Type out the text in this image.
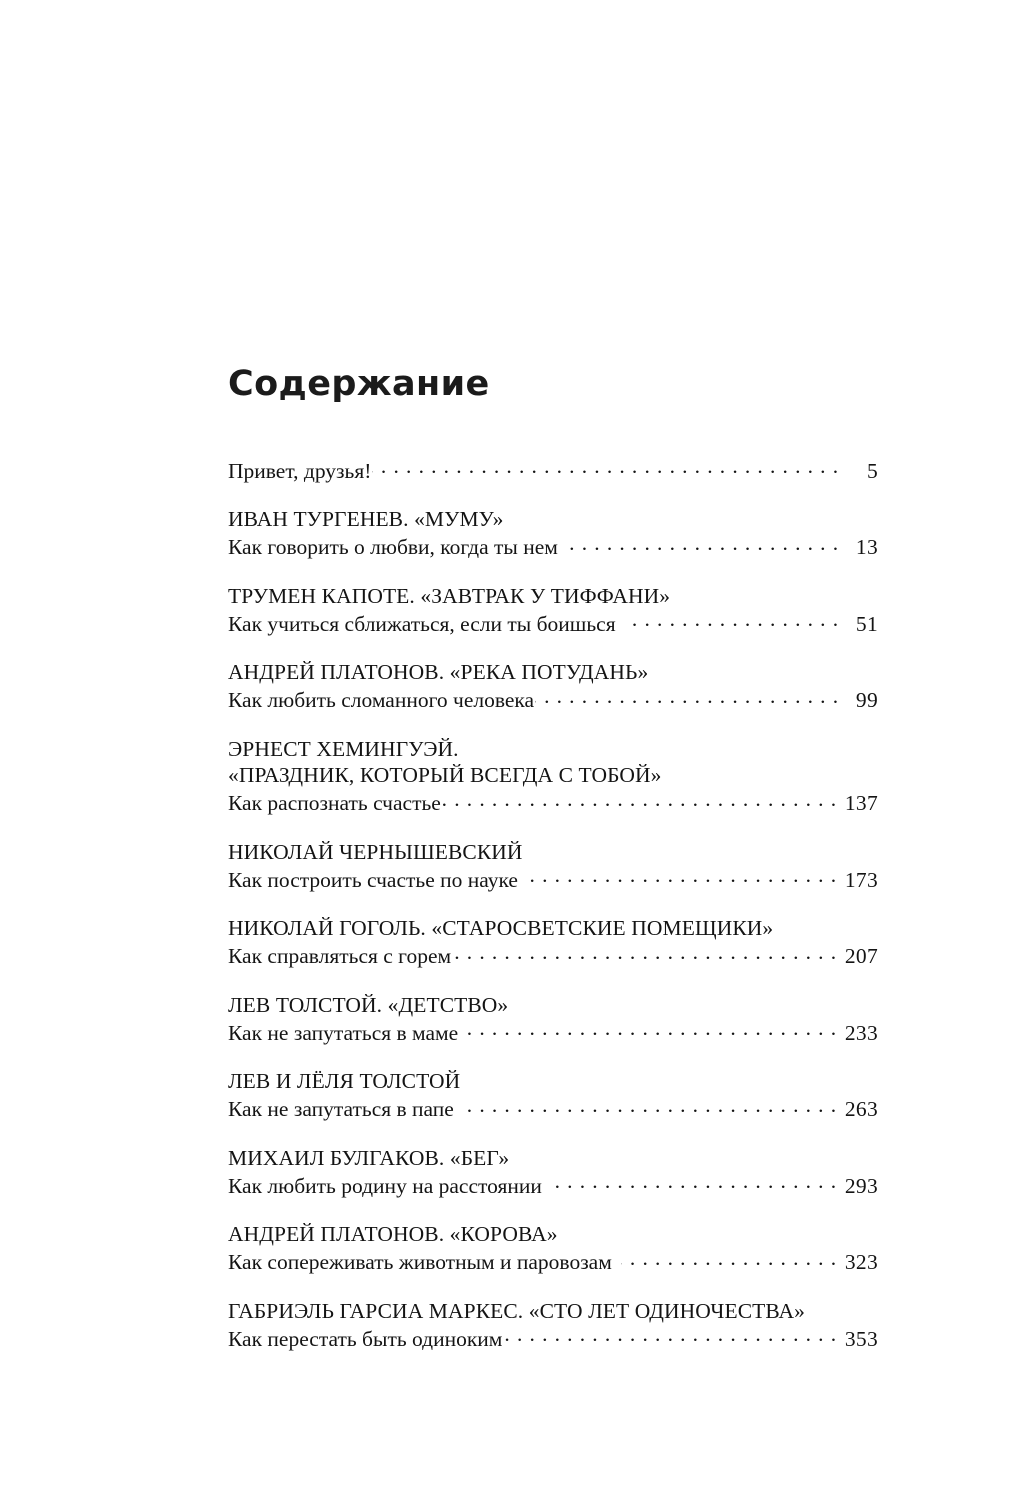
Содержание
Привет, друзья! . . .	5
ИВАН ТУРГЕНЕВ. «МУМУ»
Как говорить о любви, когда ты нем . . .	13
ТРУМЕН КАПОТЕ. «ЗАВТРАК У ТИФФАНИ»
Как учиться сближаться, если ты боишься . . .	51
АНДРЕЙ ПЛАТОНОВ. «РЕКА ПОТУДАНЬ»
Как любить сломанного человека . . .	99
ЭРНЕСТ ХЕМИНГУЭЙ.
«ПРАЗДНИК, КОТОРЫЙ ВСЕГДА С ТОБОЙ»
Как распознать счастье . . .	137
НИКОЛАЙ ЧЕРНЫШЕВСКИЙ
Как построить счастье по науке . . .	173
НИКОЛАЙ ГОГОЛЬ. «СТАРОСВЕТСКИЕ ПОМЕЩИКИ»
Как справляться с горем . . .	207
ЛЕВ ТОЛСТОЙ. «ДЕТСТВО»
Как не запутаться в маме . . .	233
ЛЕВ И ЛЁЛЯ ТОЛСТОЙ
Как не запутаться в папе . . .	263
МИХАИЛ БУЛГАКОВ. «БЕГ»
Как любить родину на расстоянии . . .	293
АНДРЕЙ ПЛАТОНОВ. «КОРОВА»
Как сопереживать животным и паровозам . . .	323
ГАБРИЭЛЬ ГАРСИА МАРКЕС. «СТО ЛЕТ ОДИНОЧЕСТВА»
Как перестать быть одиноким . . .	353
